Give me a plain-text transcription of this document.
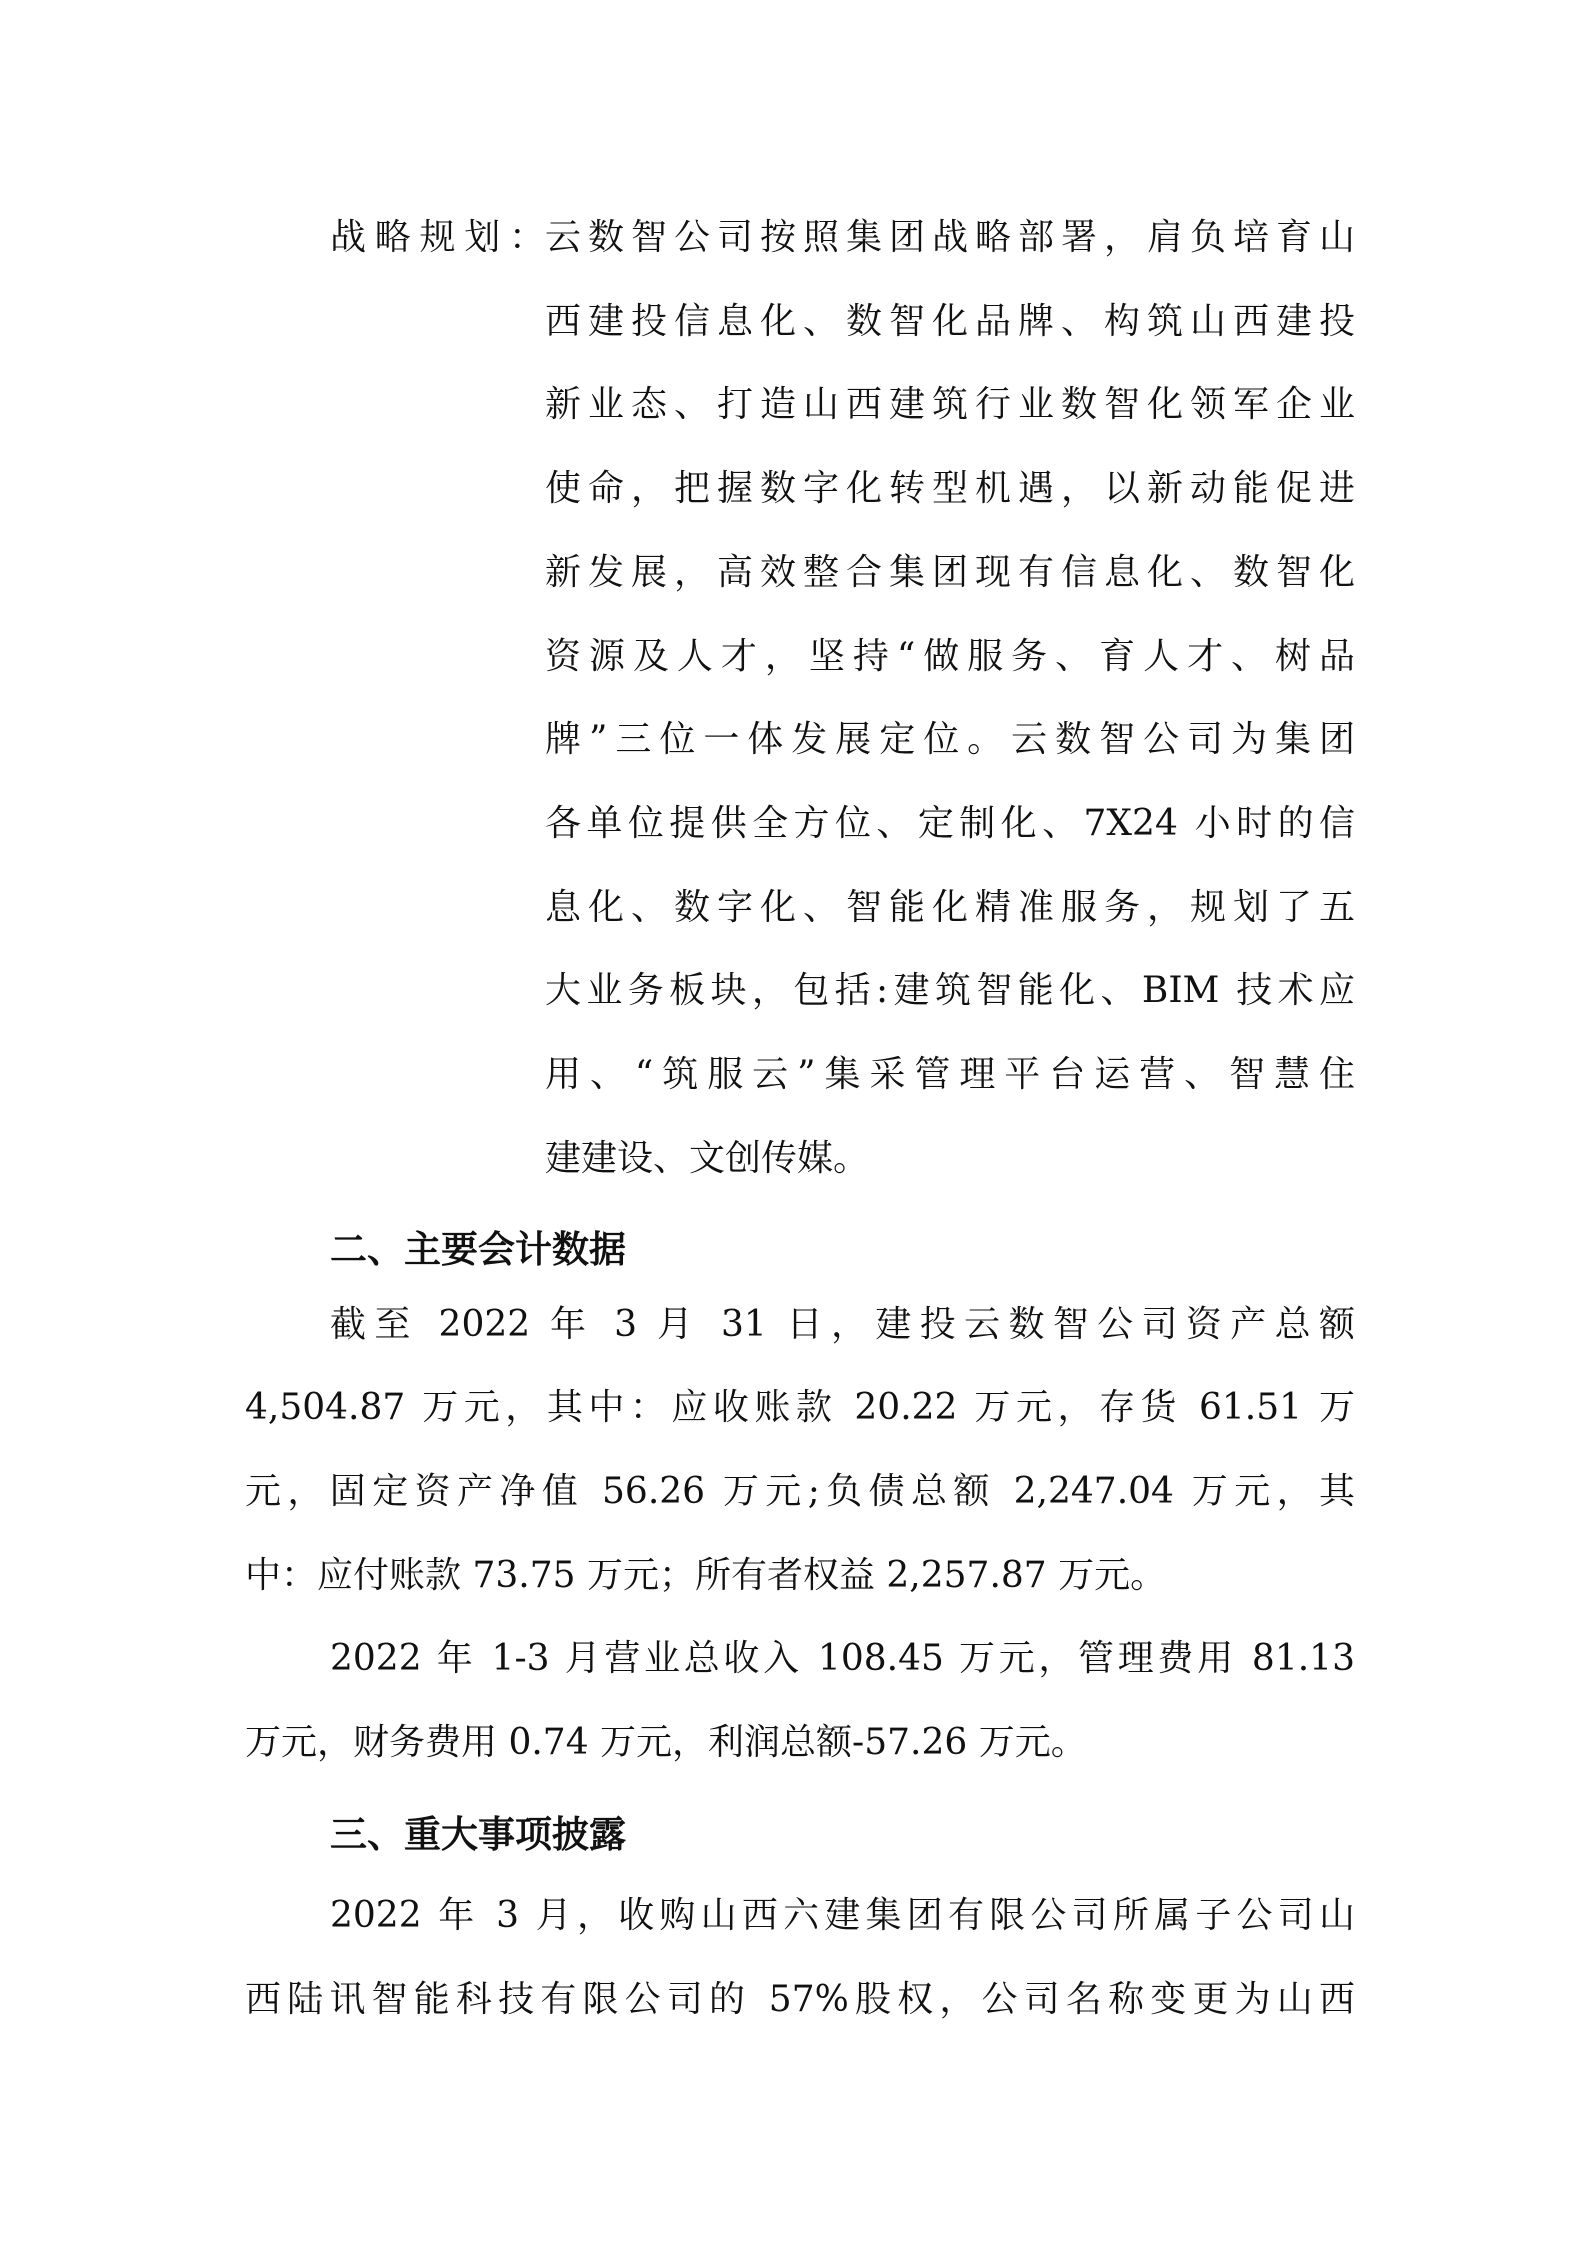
战略规划： 云数智公司按照集团战略部署，肩负培育山
西建投信息化、数智化品牌、构筑山西建投
新业态、打造山西建筑行业数智化领军企业
使命，把握数字化转型机遇，以新动能促进
新发展，高效整合集团现有信息化、数智化
资源及人才，坚持“做服务、育人才、树品
牌”三位一体发展定位。云数智公司为集团
各单位提供全方位、定制化、7X24 小时的信
息化、数字化、智能化精准服务，规划了五
大业务板块，包括:建筑智能化、BIM 技术应
用、“筑服云”集采管理平台运营、智慧住
建建设、文创传媒。
二、主要会计数据
截至 2022 年 3 月 31 日，建投云数智公司资产总额
4,504.87 万元，其中：应收账款 20.22 万元，存货 61.51 万
元，固定资产净值 56.26 万元;负债总额 2,247.04 万元，其
中：应付账款 73.75 万元；所有者权益 2,257.87 万元。
2022 年 1-3 月营业总收入 108.45 万元，管理费用 81.13
万元，财务费用 0.74 万元，利润总额-57.26 万元。
三、重大事项披露
2022 年 3 月，收购山西六建集团有限公司所属子公司山
西陆讯智能科技有限公司的 57%股权，公司名称变更为山西
